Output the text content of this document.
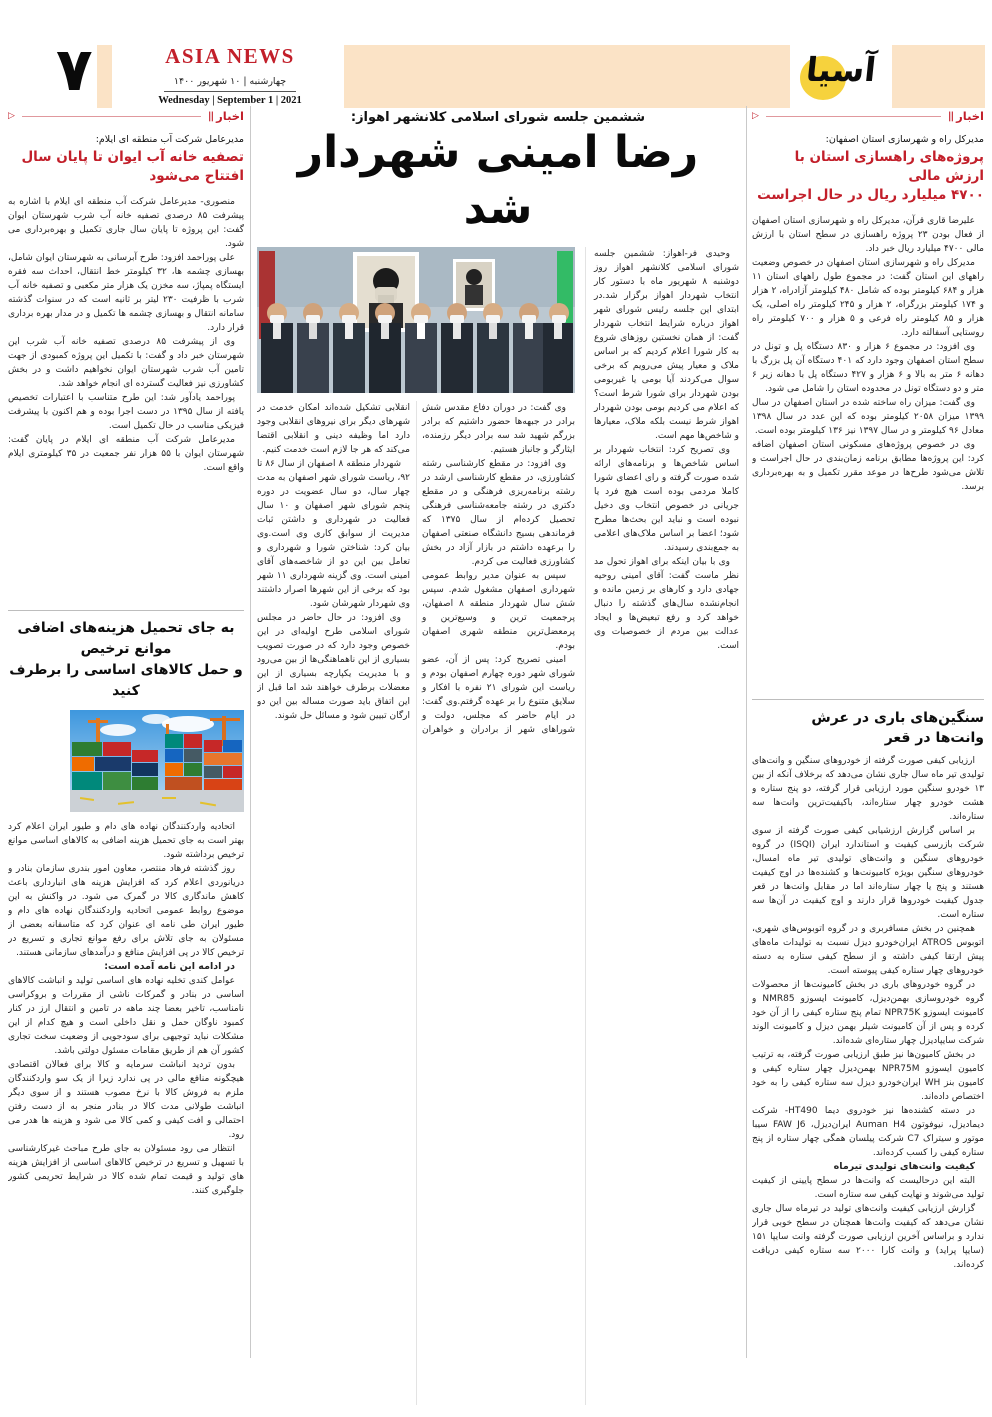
۷	ASIA NEWS
چهارشنبه | ۱۰ شهریور ۱۴۰۰
Wednesday | September 1 | 2021
آسیا
اخبار
||
▷
مدیرعامل شرکت آب منطقه ای ایلام:
تصفیه خانه آب ایوان تا پایان سال
افتتاح می‌شود

منصوری- مدیرعامل شرکت آب منطقه ای ایلام با اشاره به پیشرفت ۸۵ درصدی تصفیه خانه آب شرب شهرستان ایوان گفت: این پروژه تا پایان سال جاری تکمیل و بهره‌برداری می شود.

علی پوراحمد افزود: طرح آبرسانی به شهرستان ایوان شامل، بهسازی چشمه ها، ۳۲ کیلومتر خط انتقال، احداث سه فقره ایستگاه پمپاژ، سه مخزن یک هزار متر مکعبی و تصفیه خانه آب شرب با ظرفیت ۲۳۰ لیتر بر ثانیه است که در سنوات گذشته سامانه انتقال و بهسازی چشمه ها تکمیل و در مدار بهره برداری قرار دارد.

وی از پیشرفت ۸۵ درصدی تصفیه خانه آب شرب این شهرستان خبر داد و گفت: با تکمیل این پروژه کمبودی از جهت تامین آب شرب شهرستان ایوان نخواهیم داشت و در بخش کشاورزی نیز فعالیت گسترده ای انجام خواهد شد.

پوراحمد یادآور شد: این طرح متناسب با اعتبارات تخصیص یافته از سال ۱۳۹۵ در دست اجرا بوده و هم اکنون با پیشرفت فیزیکی مناسب در حال تکمیل است.

مدیرعامل شرکت آب منطقه ای ایلام در پایان گفت: شهرستان ایوان با ۵۵ هزار نفر جمعیت در ۳۵ کیلومتری ایلام واقع است.

به جای تحمیل هزینه‌های اضافی موانع ترخیص
و حمل کالاهای اساسی را برطرف کنید

اتحادیه واردکنندگان نهاده های دام و طیور ایران اعلام کرد بهتر است به جای تحمیل هزینه اضافی به کالاهای اساسی موانع ترخیص برداشته شود.

روز گذشته فرهاد منتصر، معاون امور بندری سازمان بنادر و دریانوردی اعلام کرد که افزایش هزینه های انبارداری باعث کاهش ماندگاری کالا در گمرک می شود. در واکنش به این موضوع روابط عمومی اتحادیه واردکنندگان نهاده های دام و طیور ایران طی نامه ای عنوان کرد که متاسفانه بعضی از مسئولان به جای تلاش برای رفع موانع تجاری و تسریع در ترخیص کالا در پی افزایش منافع و درآمدهای سازمانی هستند.

در ادامه این نامه آمده است:

عوامل کندی تخلیه نهاده های اساسی تولید و انباشت کالاهای اساسی در بنادر و گمرکات ناشی از مقررات و بروکراسی نامناسب، تاخیر بعضا چند ماهه در تامین و انتقال ارز در کنار کمبود ناوگان حمل و نقل داخلی است و هیچ کدام از این مشکلات نباید توجیهی برای سودجویی از وضعیت سخت تجاری کشور آن هم از طریق مقامات مسئول دولتی باشد.

بدون تردید انباشت سرمایه و کالا برای فعالان اقتصادی هیچگونه منافع مالی در پی ندارد زیرا از یک سو واردکنندگان ملزم به فروش کالا با نرخ مصوب هستند و از سوی دیگر انباشت طولانی مدت کالا در بنادر منجر به از دست رفتن احتمالی و افت کیفی و کمی کالا می شود و هزینه ها هدر می رود.

انتظار می رود مسئولان به جای طرح مباحث غیرکارشناسی با تسهیل و تسریع در ترخیص کالاهای اساسی از افزایش هزینه های تولید و قیمت تمام شده کالا در شرایط تحریمی کشور جلوگیری کنند.

ششمین جلسه شورای اسلامی کلانشهر اهواز:
رضا امینی شهردار شد

وحیدی فر-اهواز: ششمین جلسه شورای اسلامی کلانشهر اهواز روز دوشنبه ۸ شهریور ماه با دستور کار انتخاب شهردار اهواز برگزار شد.در ابتدای این جلسه رئیس شورای شهر اهواز درباره شرایط انتخاب شهردار گفت: از همان نخستین روزهای شروع به کار شورا اعلام کردیم که بر اساس ملاک و معیار پیش می‌رویم که برخی سوال می‌کردند آیا بومی یا غیربومی بودن شهردار برای شورا شرط است؟ که اعلام می کردیم بومی بودن شهردار اهواز شرط نیست بلکه ملاک، معیارها و شاخص‌ها مهم است.

وی تصریح کرد: انتخاب شهردار بر اساس شاخص‌ها و برنامه‌های ارائه شده صورت گرفته و رای اعضای شورا کاملا مردمی بوده است هیچ فرد یا جریانی در خصوص انتخاب وی دخیل نبوده است و نباید این بحث‌ها مطرح شود؛ اعضا بر اساس ملاک‌های اعلامی به جمع‌بندی رسیدند.

وی با بیان اینکه برای اهواز تحول مد نظر ماست گفت: آقای امینی روحیه جهادی دارد و کارهای بر زمین مانده و انجام‌نشده سال‌های گذشته را دنبال خواهد کرد و رفع تبعیض‌ها و ایجاد عدالت بین مردم از خصوصیات وی است.

وی گفت: در دوران دفاع مقدس شش برادر در جبهه‌ها حضور داشتیم که برادر بزرگم شهید شد سه برادر دیگر رزمنده، ایثارگر و جانباز هستیم.

وی افزود: در مقطع کارشناسی رشته کشاورزی، در مقطع کارشناسی ارشد در رشته برنامه‌ریزی فرهنگی و در مقطع دکتری در رشته جامعه‌شناسی فرهنگی تحصیل کرده‌ام از سال ۱۳۷۵ که فرماندهی بسیج دانشگاه صنعتی اصفهان را برعهده داشتم در بازار آزاد در بخش کشاورزی فعالیت می کردم.

سپس به عنوان مدیر روابط عمومی شهرداری اصفهان مشغول شدم. سپس شش سال شهردار منطقه ۸ اصفهان، پرجمعیت ترین و وسیع‌ترین و پرمعضل‌ترین منطقه شهری اصفهان بودم.

امینی تصریح کرد: پس از آن، عضو شورای شهر دوره چهارم اصفهان بودم و ریاست این شورای ۲۱ نفره با افکار و سلایق متنوع را بر عهده گرفتم.وی گفت: در ایام حاضر که مجلس، دولت و شوراهای شهر از برادران و خواهران انقلابی تشکیل شده‌اند امکان خدمت در شهرهای دیگر برای نیروهای انقلابی وجود دارد اما وظیفه دینی و انقلابی اقتضا می‌کند که هر جا لازم است خدمت کنیم.

شهردار منطقه ۸ اصفهان از سال ۸۶ تا ۹۲، ریاست شورای شهر اصفهان به مدت چهار سال، دو سال عضویت در دوره پنجم شورای شهر اصفهان و ۱۰ سال فعالیت در شهرداری و داشتن ثبات مدیریت از سوابق کاری وی است.وی بیان کرد: شناختن شورا و شهرداری و تعامل بین این دو از شاخصه‌های آقای امینی است. وی گزینه شهرداری ۱۱ شهر بود که برخی از این شهرها اصرار داشتند وی شهردار شهرشان شود.

وی افزود: در حال حاضر در مجلس شورای اسلامی طرح اولیه‌ای در این خصوص وجود دارد که در صورت تصویب بسیاری از این ناهماهنگی‌ها از بین می‌رود و با مدیریت یکپارچه بسیاری از این معضلات برطرف خواهند شد اما قبل از این اتفاق باید صورت مساله بین این دو ارگان تبیین شود و مسائل حل شوند.

اخبار
||
▷
مدیرکل راه و شهرسازی استان اصفهان:
پروژه‌های راهسازی استان با ارزش مالی
۴۷۰۰ میلیارد ریال در حال اجراست

علیرضا قاری قرآن، مدیرکل راه و شهرسازی استان اصفهان از فعال بودن ۲۳ پروژه راهسازی در سطح استان با ارزش مالی ۴۷۰۰ میلیارد ریال خبر داد.

مدیرکل راه و شهرسازی استان اصفهان در خصوص وضعیت راههای این استان گفت: در مجموع طول راههای استان ۱۱ هزار و ۶۸۴ کیلومتر بوده که شامل ۴۸۰ کیلومتر آزادراه، ۲ هزار و ۱۷۴ کیلومتر بزرگراه، ۲ هزار و ۲۴۵ کیلومتر راه اصلی، یک هزار و ۸۵ کیلومتر راه فرعی و ۵ هزار و ۷۰۰ کیلومتر راه روستایی آسفالته دارد.

وی افزود: در مجموع ۶ هزار و ۸۳۰ دستگاه پل و تونل در سطح استان اصفهان وجود دارد که ۴۰۱ دستگاه آن پل بزرگ با دهانه ۶ متر به بالا و ۶ هزار و ۴۲۷ دستگاه پل با دهانه زیر ۶ متر و دو دستگاه تونل در محدوده استان را شامل می شود.

وی گفت: میزان راه ساخته شده در استان اصفهان در سال ۱۳۹۹ میزان ۲۰۵۸ کیلومتر بوده که این عدد در سال ۱۳۹۸ معادل ۹۶ کیلومتر و در سال ۱۳۹۷ نیز ۱۳۶ کیلومتر بوده است.

وی در خصوص پروژه‌های مسکونی استان اصفهان اضافه کرد: این پروژه‌ها مطابق برنامه زمان‌بندی در حال اجراست و تلاش می‌شود طرح‌ها در موعد مقرر تکمیل و به بهره‌برداری برسد.

سنگین‌های باری در عرش
وانت‌ها در قعر

ارزیابی کیفی صورت گرفته از خودروهای سنگین و وانت‌های تولیدی تیر ماه سال جاری نشان می‌دهد که برخلاف آنکه از بین ۱۳ خودرو سنگین مورد ارزیابی قرار گرفته، دو پنج ستاره و هشت خودرو چهار ستاره‌اند، باکیفیت‌ترین وانت‌ها سه ستاره‌اند.

بر اساس گزارش ارزشیابی کیفی صورت گرفته از سوی شرکت بازرسی کیفیت و استاندارد ایران (ISQI) در گروه خودروهای سنگین و وانت‌های تولیدی تیر ماه امسال، خودروهای سنگین بویژه کامیونت‌ها و کشنده‌ها در اوج کیفیت هستند و پنج یا چهار ستاره‌اند اما در مقابل وانت‌ها در قعر جدول کیفیت خودروها قرار دارند و اوج کیفیت در آن‌ها سه ستاره است.

همچنین در بخش مسافربری و در گروه اتوبوس‌های شهری، اتوبوس ATROS ایران‌خودرو دیزل نسبت به تولیدات ماه‌های پیش ارتقا کیفی داشته و از سطح کیفی ستاره به دسته خودروهای چهار ستاره کیفی پیوسته است.

در گروه خودروهای باری در بخش کامیونت‌ها از محصولات گروه خودروسازی بهمن‌دیزل، کامیونت ایسوزو NMR85 و کامیونت ایسوزو NPR75K تمام پنج ستاره کیفی را از آن خود کرده و پس از آن کامیونت شیلر بهمن دیزل و کامیونت الوند شرکت سایپادیزل چهار ستاره‌ای شده‌اند.

در بخش کامیون‌ها نیز طبق ارزیابی صورت گرفته، به ترتیب کامیون ایسوزو NPR75M بهمن‌دیزل چهار ستاره کیفی و کامیون بنز WH ایران‌خودرو دیزل سه ستاره کیفی را به خود اختصاص داده‌اند.

در دسته کشنده‌ها نیز خودروی دیما HT490- شرکت دیمادیزل، نیوفوتون Auman H4 ایران‌دیزل، FAW J6 سیبا موتور و سیتراک C7 شرکت پیلسان همگی چهار ستاره از پنج ستاره کیفی را کسب کرده‌اند.

کیفیت وانت‌های تولیدی تیرماه

البته این درحالیست که وانت‌ها در سطح پایینی از کیفیت تولید می‌شوند و نهایت کیفی سه ستاره است.

گزارش ارزیابی کیفیت وانت‌های تولید در تیرماه سال جاری نشان می‌دهد که کیفیت وانت‌ها همچنان در سطح خوبی قرار ندارد و براساس آخرین ارزیابی صورت گرفته وانت سایپا ۱۵۱ (سایپا پراید) و وانت کارا ۲۰۰۰ سه ستاره کیفی دریافت کرده‌اند.
